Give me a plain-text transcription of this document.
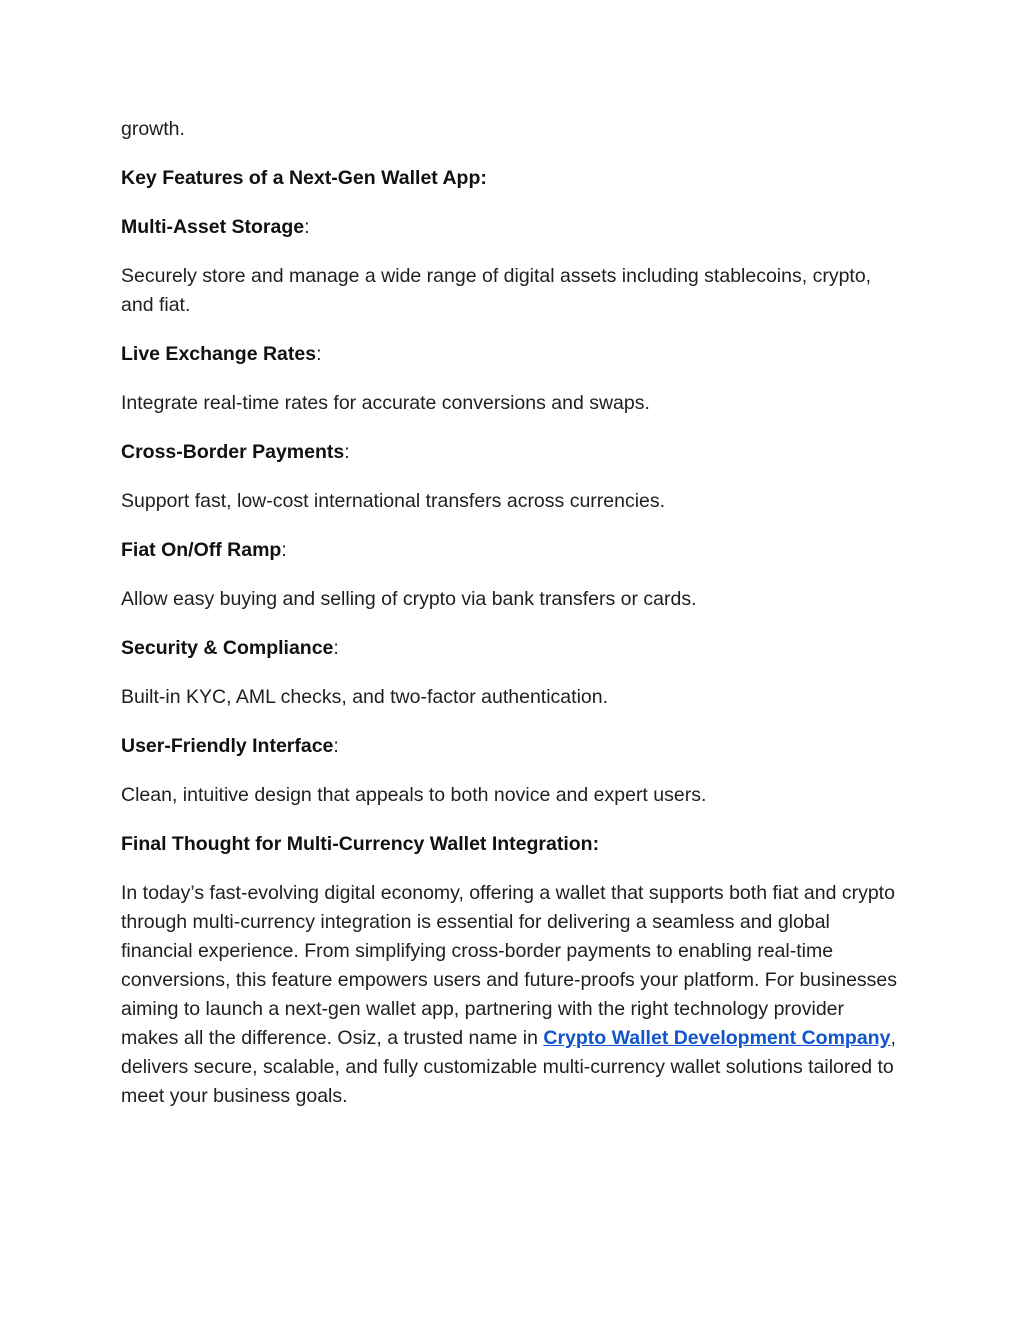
growth.

Key Features of a Next-Gen Wallet App:

Multi-Asset Storage:

Securely store and manage a wide range of digital assets including stablecoins, crypto, and fiat.

Live Exchange Rates:

Integrate real-time rates for accurate conversions and swaps.

Cross-Border Payments:

Support fast, low-cost international transfers across currencies.

Fiat On/Off Ramp:

Allow easy buying and selling of crypto via bank transfers or cards.

Security & Compliance:

Built-in KYC, AML checks, and two-factor authentication.

User-Friendly Interface:

Clean, intuitive design that appeals to both novice and expert users.

Final Thought for Multi-Currency Wallet Integration:

In today’s fast-evolving digital economy, offering a wallet that supports both fiat and crypto through multi-currency integration is essential for delivering a seamless and global financial experience. From simplifying cross-border payments to enabling real-time conversions, this feature empowers users and future-proofs your platform. For businesses aiming to launch a next-gen wallet app, partnering with the right technology provider makes all the difference. Osiz, a trusted name in Crypto Wallet Development Company, delivers secure, scalable, and fully customizable multi-currency wallet solutions tailored to meet your business goals.
